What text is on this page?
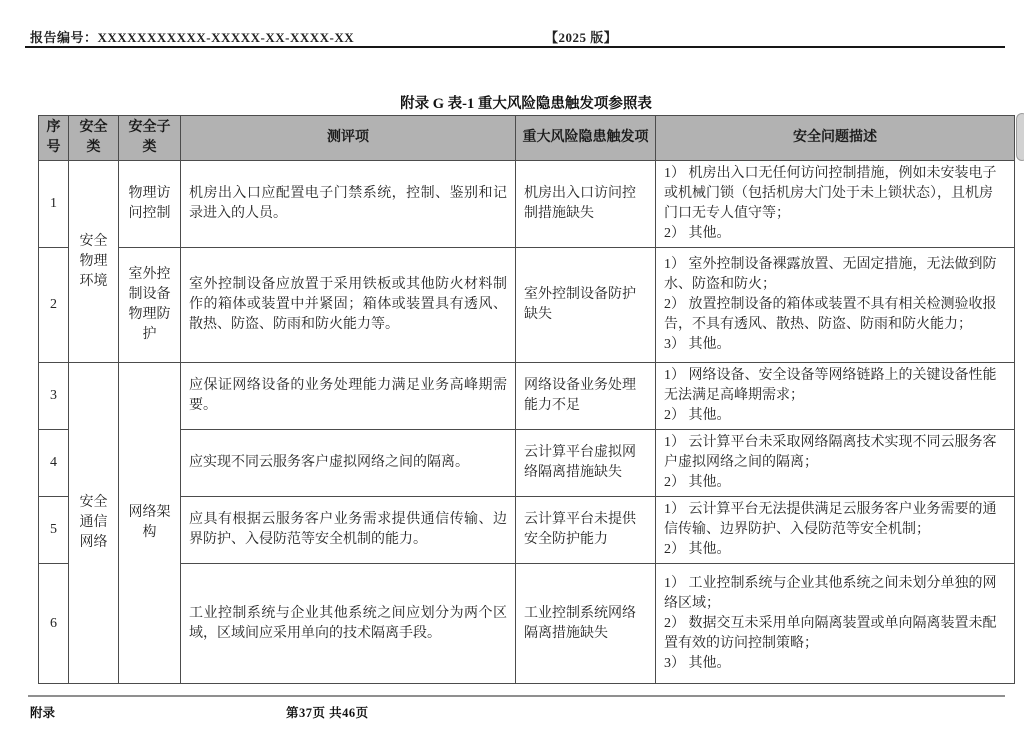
报告编号：XXXXXXXXXXX-XXXXX-XX-XXXX-XX	【2025 版】
附录 G 表-1 重大风险隐患触发项参照表
序号	安全类	安全子类	测评项	重大风险隐患触发项	安全问题描述
1	安全物理环境	物理访问控制	机房出入口应配置电子门禁系统，控制、鉴别和记录进入的人员。	机房出入口访问控制措施缺失	1） 机房出入口无任何访问控制措施，例如未安装电子或机械门锁（包括机房大门处于未上锁状态），且机房门口无专人值守等；
2） 其他。

2		室外控制设备物理防护	室外控制设备应放置于采用铁板或其他防火材料制作的箱体或装置中并紧固；箱体或装置具有透风、散热、防盗、防雨和防火能力等。	室外控制设备防护缺失	1） 室外控制设备裸露放置、无固定措施，无法做到防水、防盗和防火；
2） 放置控制设备的箱体或装置不具有相关检测验收报告，不具有透风、散热、防盗、防雨和防火能力；
3） 其他。

3	安全通信网络	网络架构	应保证网络设备的业务处理能力满足业务高峰期需要。	网络设备业务处理能力不足	1） 网络设备、安全设备等网络链路上的关键设备性能无法满足高峰期需求；
2） 其他。

4			应实现不同云服务客户虚拟网络之间的隔离。	云计算平台虚拟网络隔离措施缺失	1） 云计算平台未采取网络隔离技术实现不同云服务客户虚拟网络之间的隔离；
2） 其他。

5			应具有根据云服务客户业务需求提供通信传输、边界防护、入侵防范等安全机制的能力。	云计算平台未提供安全防护能力	1） 云计算平台无法提供满足云服务客户业务需要的通信传输、边界防护、入侵防范等安全机制；
2） 其他。

6			工业控制系统与企业其他系统之间应划分为两个区域，区域间应采用单向的技术隔离手段。	工业控制系统网络隔离措施缺失	1） 工业控制系统与企业其他系统之间未划分单独的网络区域；
2） 数据交互未采用单向隔离装置或单向隔离装置未配置有效的访问控制策略；
3） 其他。
附录	第37页 共46页
